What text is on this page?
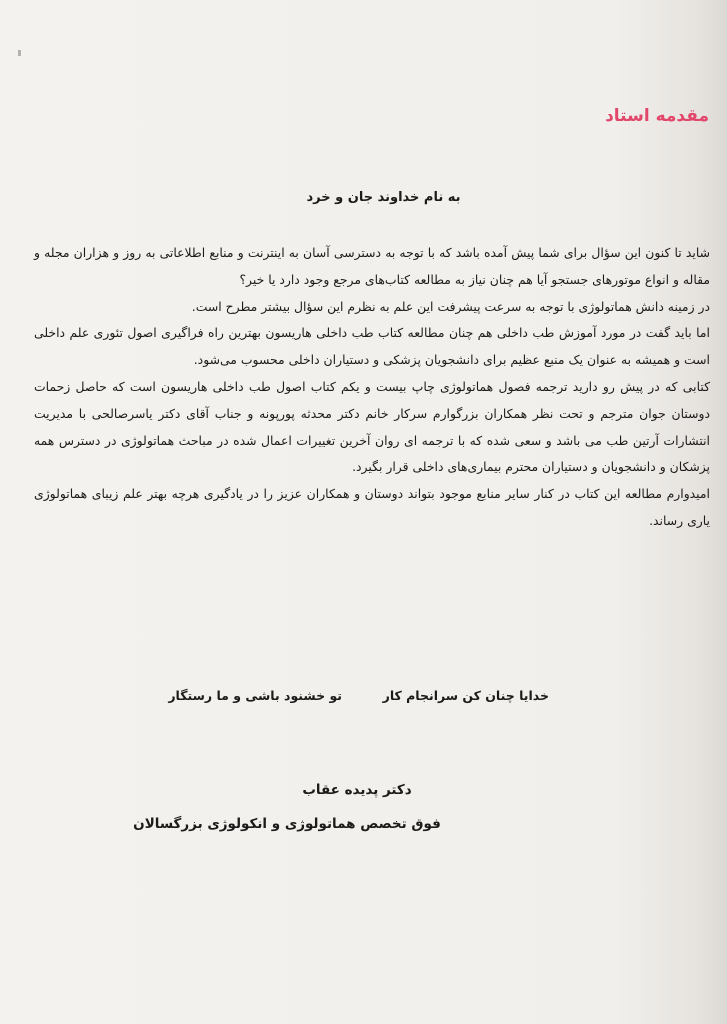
مقدمه استاد
به نام خداوند جان و خرد

شاید تا کنون این سؤال برای شما پیش آمده باشد که با توجه به دسترسی آسان به اینترنت و منابع اطلاعاتی به روز و هزاران مجله و مقاله و انواع موتورهای جستجو آیا هم چنان نیاز به مطالعه کتاب‌های مرجع وجود دارد یا خیر؟

در زمینه دانش هماتولوژی با توجه به سرعت پیشرفت این علم به نظرم این سؤال بیشتر مطرح است.

اما باید گفت در مورد آموزش طب داخلی هم چنان مطالعه کتاب طب داخلی هاریسون بهترین راه فراگیری اصول تئوری علم داخلی است و همیشه به عنوان یک منبع عظیم برای دانشجویان پزشکی و دستیاران داخلی محسوب می‌شود.

کتابی که در پیش رو دارید ترجمه فصول هماتولوژی چاپ بیست و یکم کتاب اصول طب داخلی هاریسون است که حاصل زحمات دوستان جوان مترجم و تحت نظر همکاران بزرگوارم سرکار خانم دکتر محدثه پورپونه و جناب آقای دکتر یاسرصالحی با مدیریت انتشارات آرتین طب می باشد و سعی شده که با ترجمه ای روان آخرین تغییرات اعمال شده در مباحث هماتولوژی در دسترس همه پزشکان و دانشجویان و دستیاران محترم بیماری‌های داخلی قرار بگیرد.

امیدوارم مطالعه این کتاب در کنار سایر منابع موجود بتواند دوستان و همکاران عزیز را در یادگیری هرچه بهتر علم زیبای هماتولوژی یاری رساند.

خدایا چنان کن سرانجام کار
تو خشنود باشی و ما رستگار
دکتر پدیده عقاب
فوق تخصص هماتولوژی و انکولوژی بزرگسالان
